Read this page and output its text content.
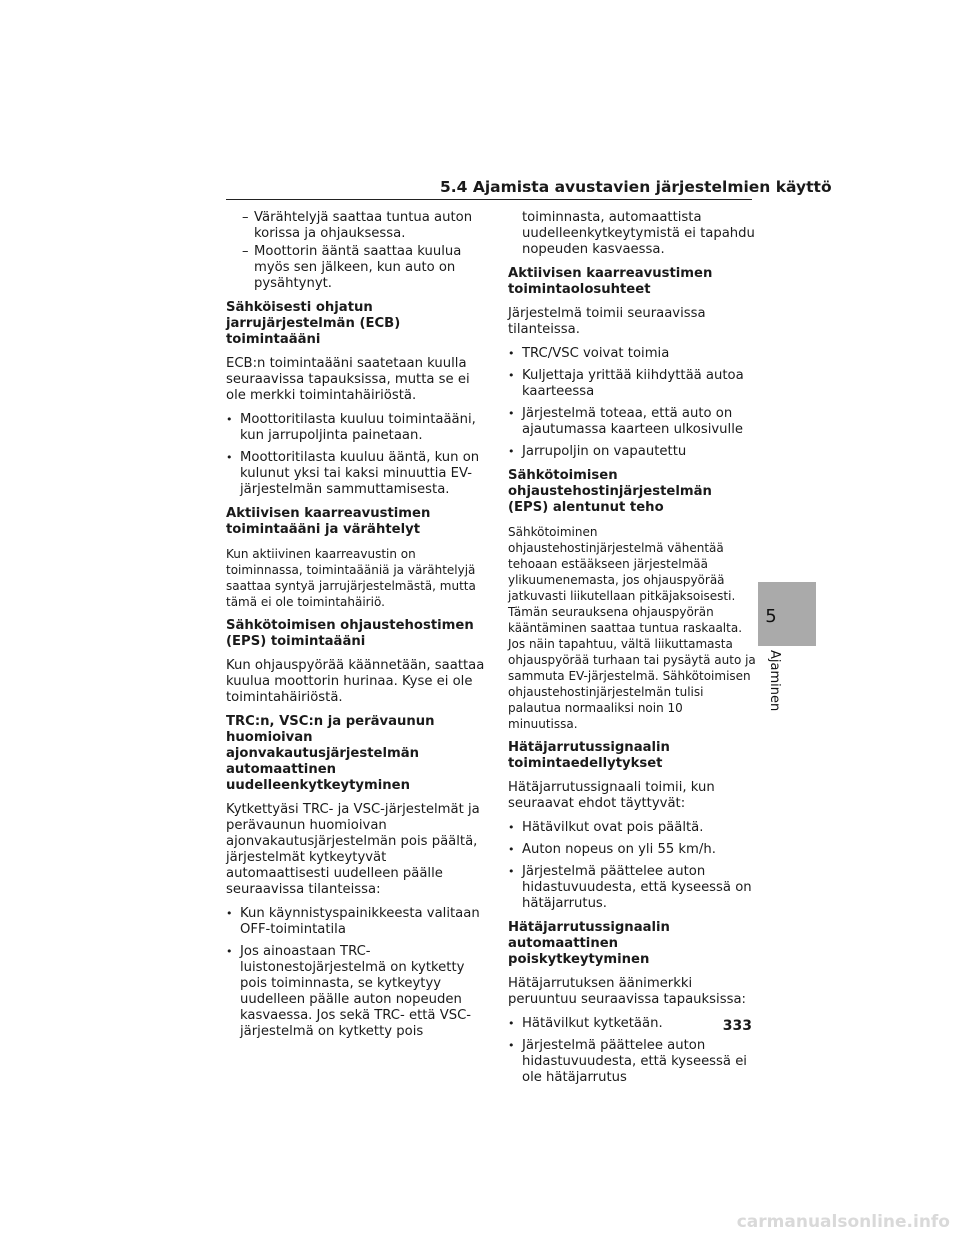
5.4 Ajamista avustavien järjestelmien käyttö
– Värähtelyjä saattaa tuntua auton korissa ja ohjauksessa.
– Moottorin ääntä saattaa kuulua myös sen jälkeen, kun auto on pysähtynyt.
Sähköisesti ohjatun jarrujärjestelmän (ECB) toimintaääni

ECB:n toimintaääni saatetaan kuulla seuraavissa tapauksissa, mutta se ei ole merkki toimintahäiriöstä.

• Moottoritilasta kuuluu toimintaääni, kun jarrupoljinta painetaan.
• Moottoritilasta kuuluu ääntä, kun on kulunut yksi tai kaksi minuuttia EV-järjestelmän sammuttamisesta.
Aktiivisen kaarreavustimen toimintaääni ja värähtelyt

Kun aktiivinen kaarreavustin on toiminnassa, toimintaääniä ja värähtelyjä saattaa syntyä jarrujärjestelmästä, mutta tämä ei ole toimintahäiriö.

Sähkötoimisen ohjaustehostimen (EPS) toimintaääni

Kun ohjauspyörää käännetään, saattaa kuulua moottorin hurinaa. Kyse ei ole toimintahäiriöstä.

TRC:n, VSC:n ja perävaunun huomioivan ajonvakautusjärjestelmän automaattinen uudelleenkytkeytyminen

Kytkettyäsi TRC- ja VSC-järjestelmät ja perävaunun huomioivan ajonvakautusjärjestelmän pois päältä, järjestelmät kytkeytyvät automaattisesti uudelleen päälle seuraavissa tilanteissa:

• Kun käynnistyspainikkeesta valitaan OFF-toimintatila
• Jos ainoastaan TRC-luistonestojärjestelmä on kytketty pois toiminnasta, se kytkeytyy uudelleen päälle auton nopeuden kasvaessa. Jos sekä TRC- että VSC-järjestelmä on kytketty pois

toiminnasta, automaattista uudelleenkytkeytymistä ei tapahdu nopeuden kasvaessa.

Aktiivisen kaarreavustimen toimintaolosuhteet

Järjestelmä toimii seuraavissa tilanteissa.

• TRC/VSC voivat toimia
• Kuljettaja yrittää kiihdyttää autoa kaarteessa
• Järjestelmä toteaa, että auto on ajautumassa kaarteen ulkosivulle
• Jarrupoljin on vapautettu
Sähkötoimisen ohjaustehostinjärjestelmän (EPS) alentunut teho

Sähkötoiminen ohjaustehostinjärjestelmä vähentää tehoaan estääkseen järjestelmää ylikuumenemasta, jos ohjauspyörää jatkuvasti liikutellaan pitkäjaksoisesti. Tämän seurauksena ohjauspyörän kääntäminen saattaa tuntua raskaalta. Jos näin tapahtuu, vältä liikuttamasta ohjauspyörää turhaan tai pysäytä auto ja sammuta EV-järjestelmä. Sähkötoimisen ohjaustehostinjärjestelmän tulisi palautua normaaliksi noin 10 minuutissa.

Hätäjarrutussignaalin toimintaedellytykset

Hätäjarrutussignaali toimii, kun seuraavat ehdot täyttyvät:

• Hätävilkut ovat pois päältä.
• Auton nopeus on yli 55 km/h.
• Järjestelmä päättelee auton hidastuvuudesta, että kyseessä on hätäjarrutus.
Hätäjarrutussignaalin automaattinen poiskytkeytyminen

Hätäjarrutuksen äänimerkki peruuntuu seuraavissa tapauksissa:

• Hätävilkut kytketään.
• Järjestelmä päättelee auton hidastuvuudesta, että kyseessä ei ole hätäjarrutus
5
Ajaminen
333
carmanualsonline.info
